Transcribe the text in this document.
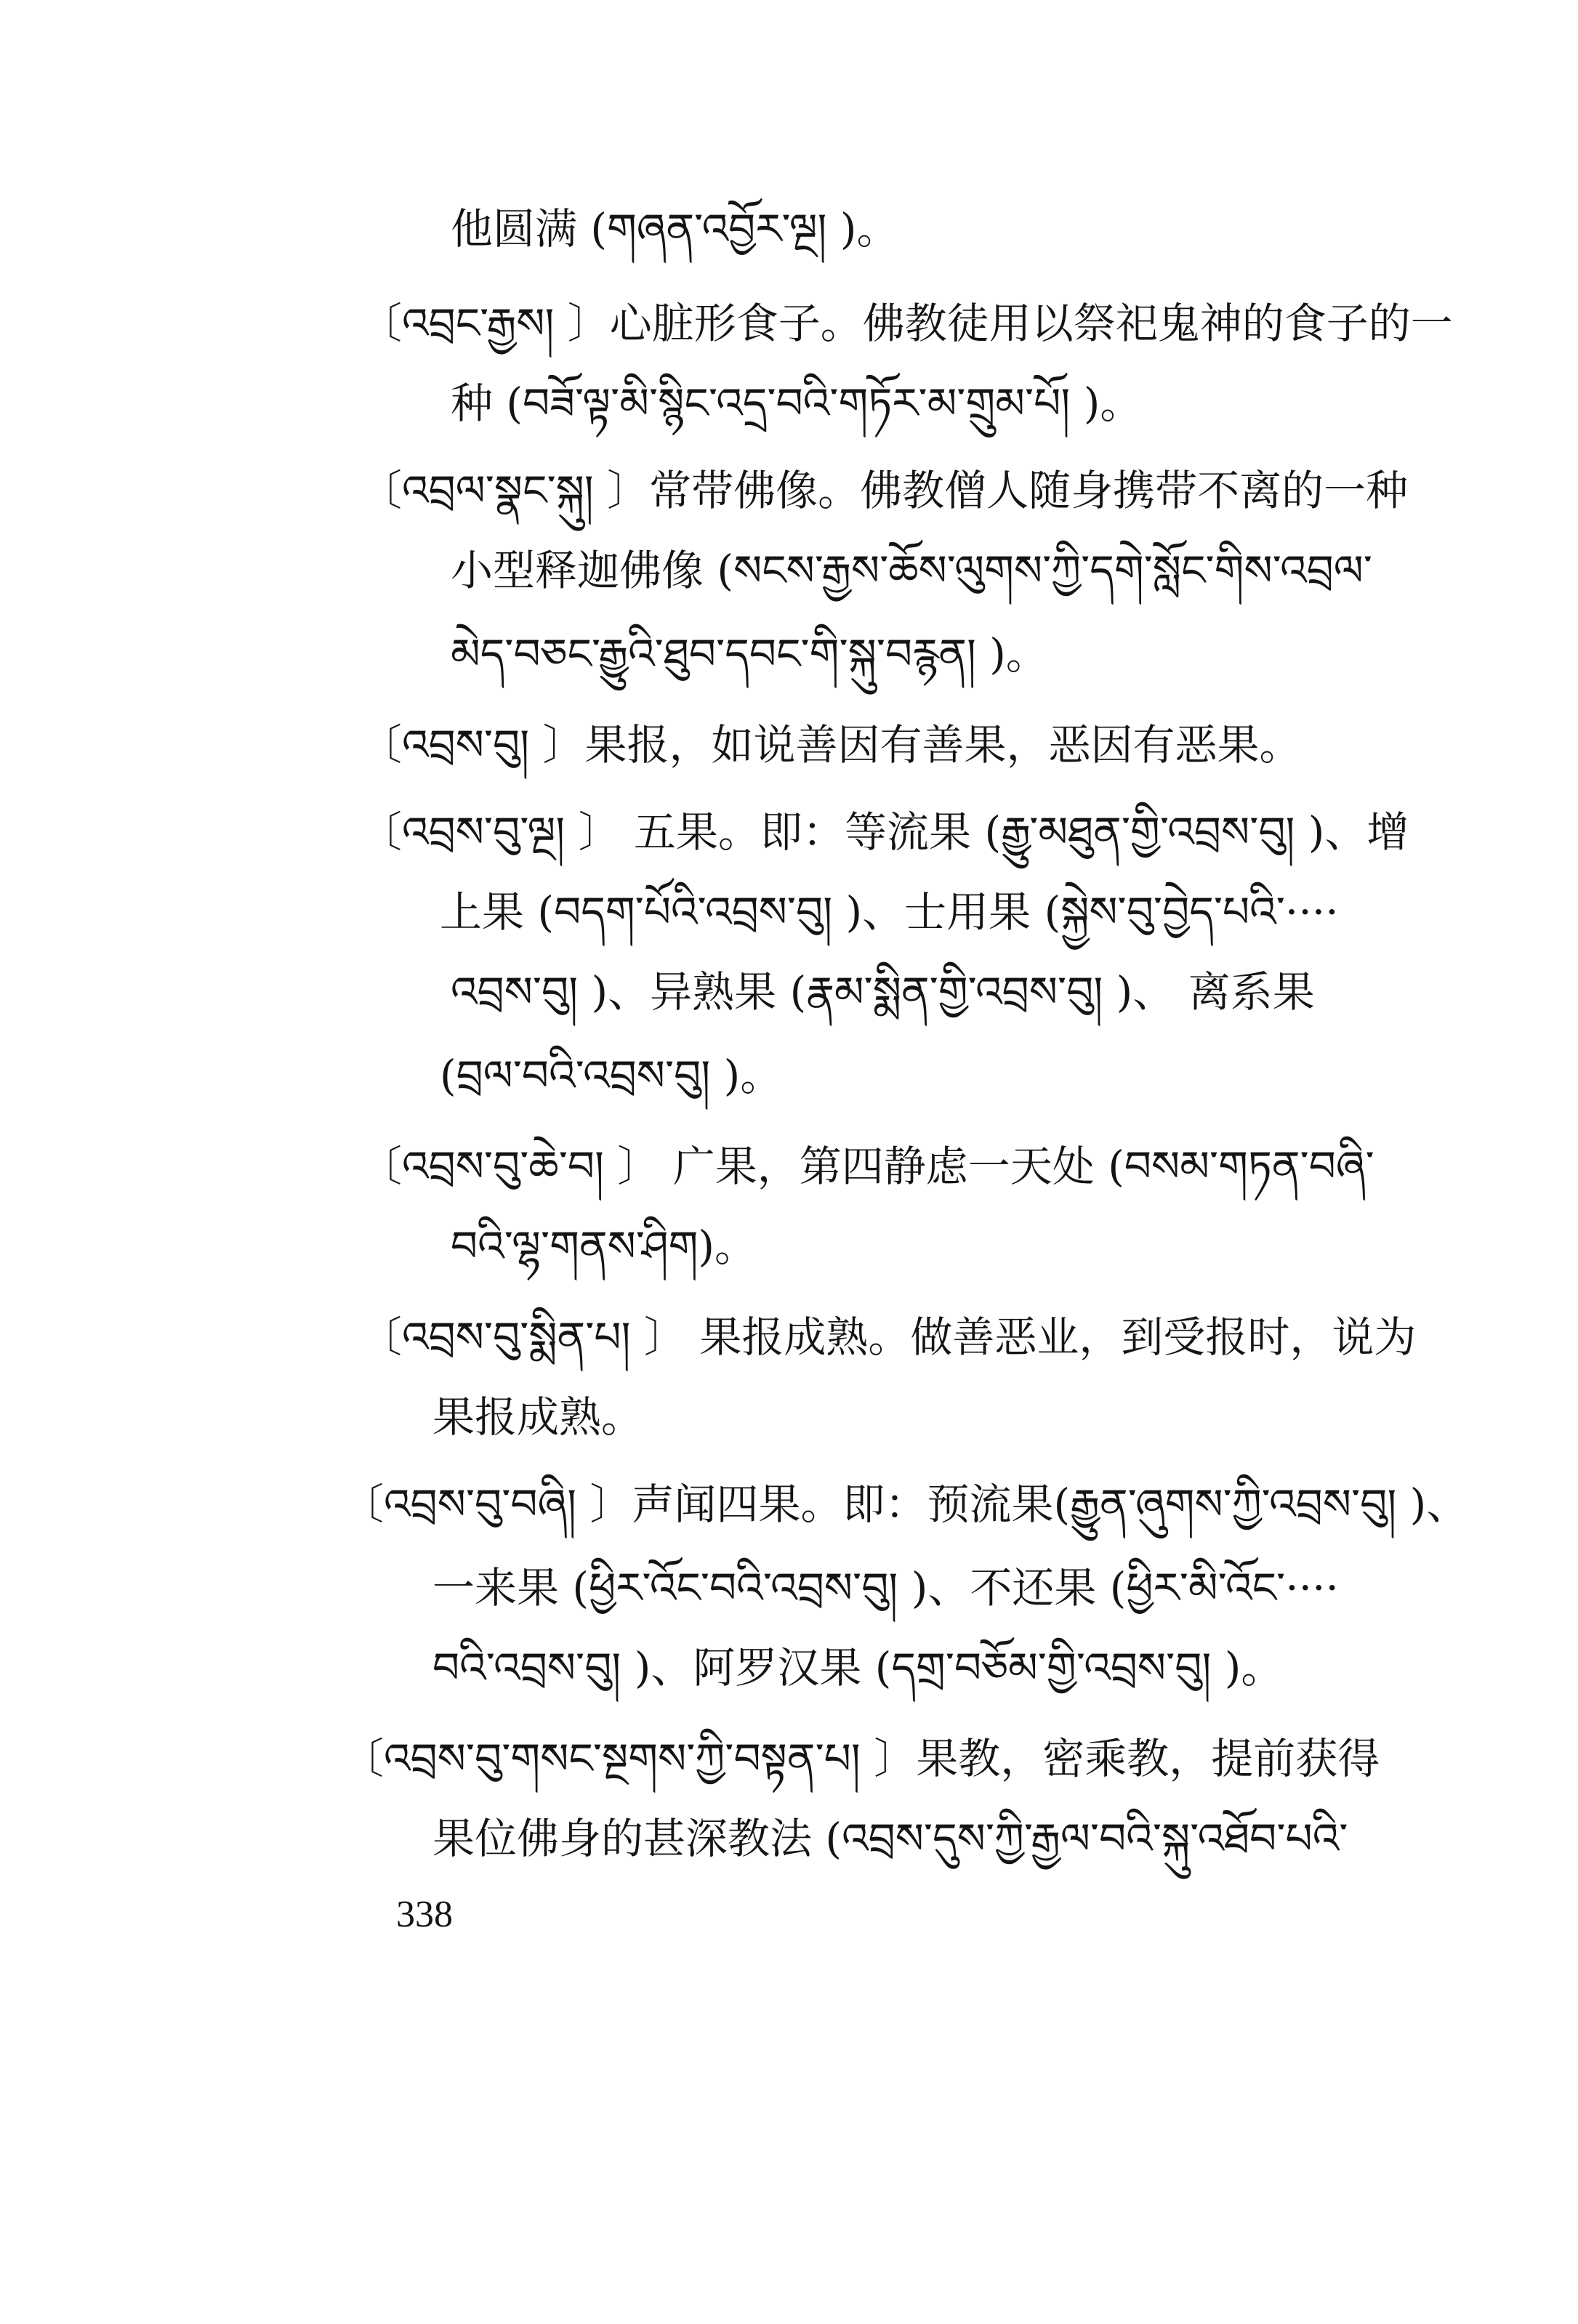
他圆满 (གཞན་འབྱོར་ལྔ། )。
〔འབྲང་རྒྱས། 〕心脏形食子。佛教徒用以祭祀鬼神的食子的一
种 (བཟོ་ལྟ་མི་སྙིང་འདྲ་བའི་གཏོར་མ་གྲུམ་པོ། )。
〔འབྲལ་སྣང་སྐུ། 〕常带佛像。佛教僧人随身携带不离的一种
小型释迦佛像 (སངས་རྒྱས་ཆོས་ལུགས་ཀྱི་དགེ་སློང་གིས་འབྲལ་
མེད་བཅང་རྒྱུའི་ཐུབ་དབང་གི་སྐུ་བརྙན། )。
〔འབྲས་བུ། 〕果报，如说善因有善果，恶因有恶果。
〔འབྲས་བུ་ལྔ། 〕 五果。即：等流果 (རྒྱུ་མཐུན་གྱི་འབྲས་བུ། )、增
上果 (བདག་པོའི་འབྲས་བུ། )、士用果 (སྐྱེས་བུ་བྱེད་པའི་····
འབྲས་བུ། )、异熟果 (རྣམ་སྨིན་གྱི་འབྲས་བུ། )、 离系果
(བྲལ་བའི་འབྲས་བུ། )。
〔འབྲས་བུ་ཆེ་བ། 〕 广果，第四静虑一天处 (བསམ་གཏན་བཞི་
བའི་ལྷ་གནས་ཤིག)。
〔འབྲས་བུ་སྨིན་པ། 〕 果报成熟。做善恶业，到受报时，说为
果报成熟。
〔འབྲས་བུ་བཞི། 〕声闻四果。即：预流果(རྒྱུན་ཞུགས་ཀྱི་འབྲས་བུ། )、
一来果 (ཕྱིར་འོང་བའི་འབྲས་བུ། )、不还果 (ཕྱིར་མི་འོང་····
བའི་འབྲས་བུ། )、阿罗汉果 (དགྲ་བཅོམ་གྱི་འབྲས་བུ། )。
〔འབྲས་བུ་གསང་སྔགས་ཀྱི་བསྟན་པ། 〕果教，密乘教，提前获得
果位佛身的甚深教法 (འབྲས་དུས་ཀྱི་རྒྱལ་བའི་སྐུ་འཐོབ་པའི་
338
